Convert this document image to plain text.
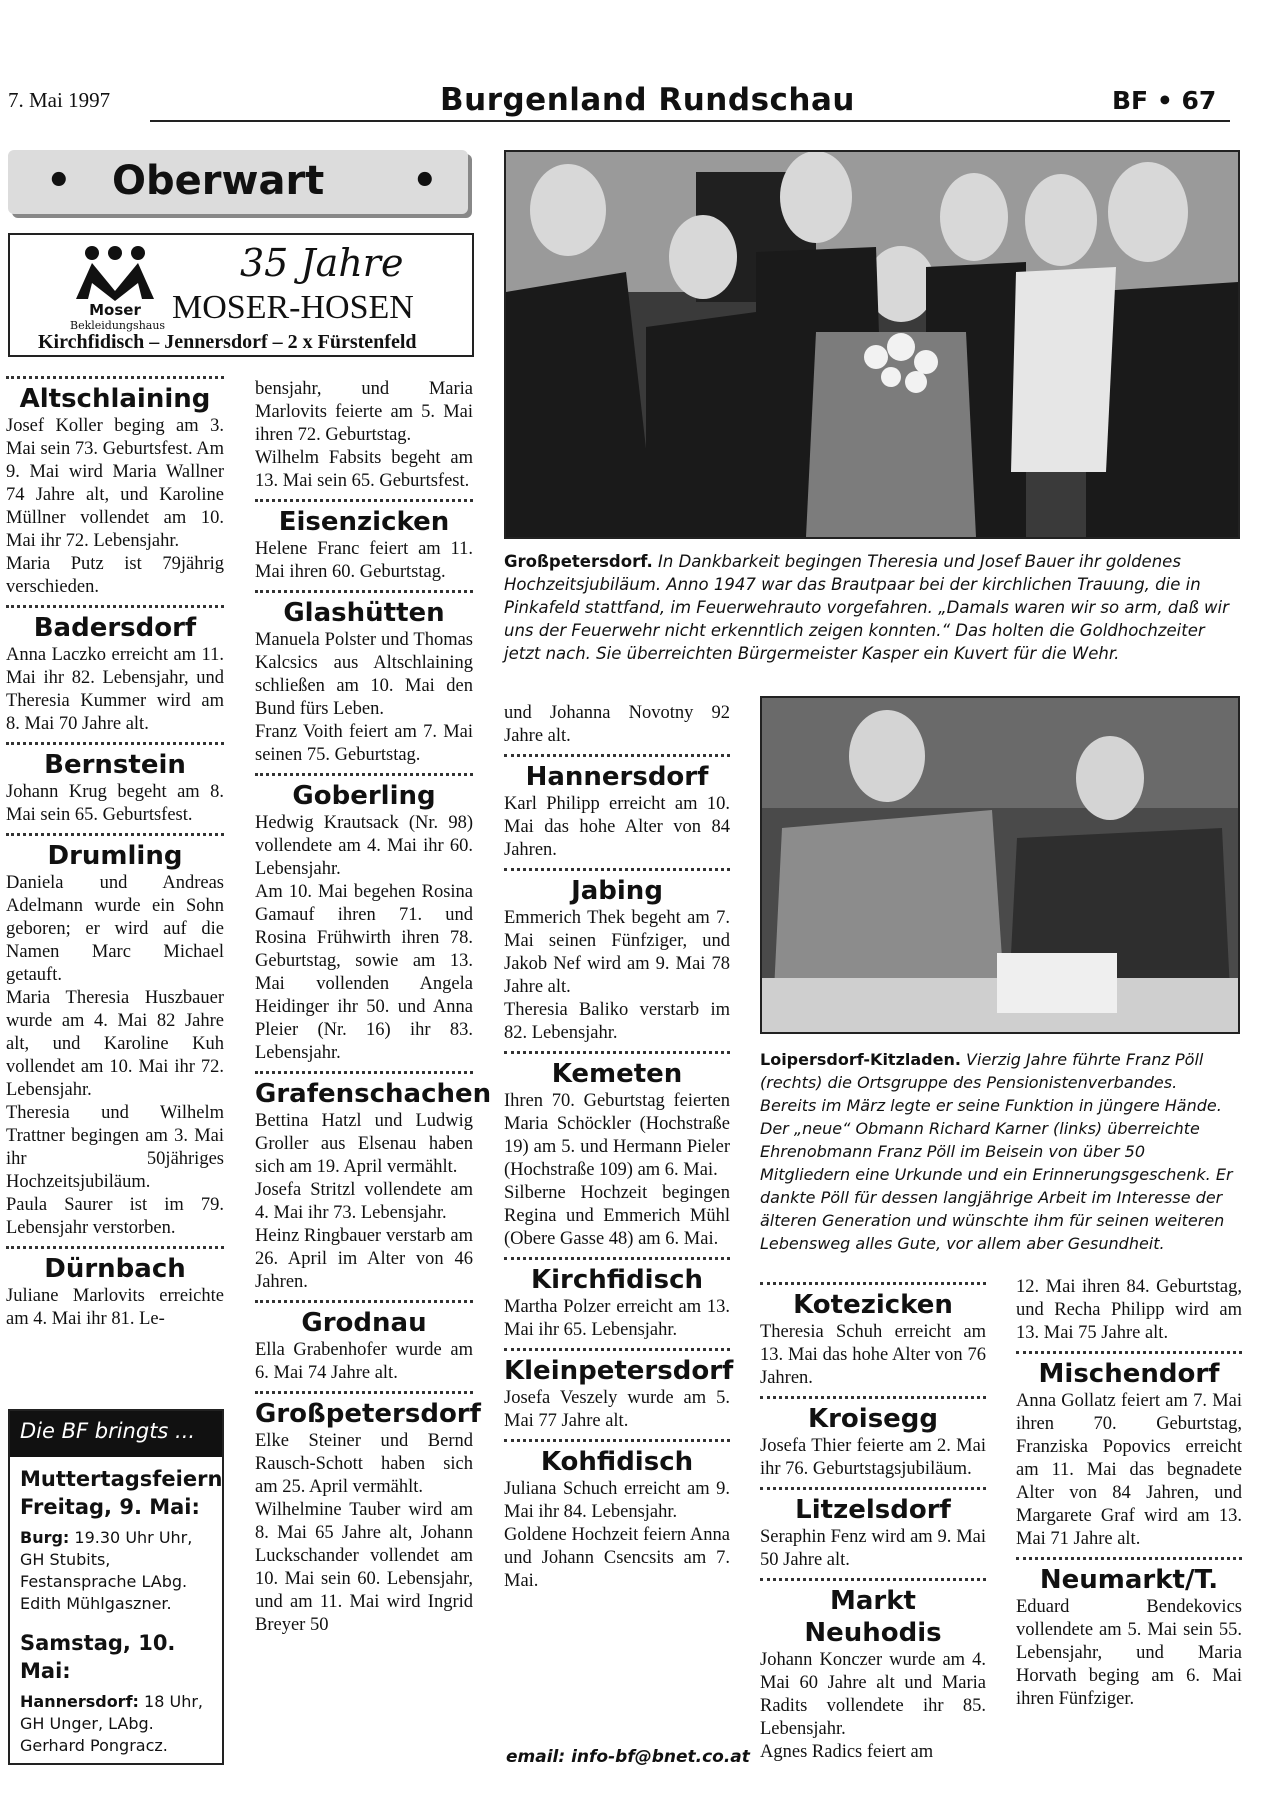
7. Mai 1997	Burgenland Rundschau	BF • 67
• Oberwart •
Moser
Bekleidungshaus
35 Jahre
MOSER-HOSEN
Kirchfidisch – Jennersdorf – 2 x Fürstenfeld
Altschlaining

Josef Koller beging am 3. Mai sein 73. Geburtsfest. Am 9. Mai wird Maria Wallner 74 Jahre alt, und Karoline Müllner vollendet am 10. Mai ihr 72. Lebensjahr.

Maria Putz ist 79jährig verschieden.

Badersdorf

Anna Laczko erreicht am 11. Mai ihr 82. Lebensjahr, und Theresia Kummer wird am 8. Mai 70 Jahre alt.

Bernstein

Johann Krug begeht am 8. Mai sein 65. Geburtsfest.

Drumling

Daniela und Andreas Adelmann wurde ein Sohn geboren; er wird auf die Namen Marc Michael getauft.

Maria Theresia Huszbauer wurde am 4. Mai 82 Jahre alt, und Karoline Kuh vollendet am 10. Mai ihr 72. Lebensjahr.

Theresia und Wilhelm Trattner begingen am 3. Mai ihr 50jähriges Hochzeitsjubiläum.

Paula Saurer ist im 79. Lebensjahr verstorben.

Dürnbach

Juliane Marlovits erreichte am 4. Mai ihr 81. Le-

bensjahr, und Maria Marlovits feierte am 5. Mai ihren 72. Geburtstag.

Wilhelm Fabsits begeht am 13. Mai sein 65. Geburtsfest.

Eisenzicken

Helene Franc feiert am 11. Mai ihren 60. Geburtstag.

Glashütten

Manuela Polster und Thomas Kalcsics aus Altschlaining schließen am 10. Mai den Bund fürs Leben.

Franz Voith feiert am 7. Mai seinen 75. Geburtstag.

Goberling

Hedwig Krautsack (Nr. 98) vollendete am 4. Mai ihr 60. Lebensjahr.

Am 10. Mai begehen Rosina Gamauf ihren 71. und Rosina Frühwirth ihren 78. Geburtstag, sowie am 13. Mai vollenden Angela Heidinger ihr 50. und Anna Pleier (Nr. 16) ihr 83. Lebensjahr.

Grafenschachen

Bettina Hatzl und Ludwig Groller aus Elsenau haben sich am 19. April vermählt.

Josefa Stritzl vollendete am 4. Mai ihr 73. Lebensjahr.

Heinz Ringbauer verstarb am 26. April im Alter von 46 Jahren.

Grodnau

Ella Grabenhofer wurde am 6. Mai 74 Jahre alt.

Großpetersdorf

Elke Steiner und Bernd Rausch-Schott haben sich am 25. April vermählt.

Wilhelmine Tauber wird am 8. Mai 65 Jahre alt, Johann Luckschander vollendet am 10. Mai sein 60. Lebensjahr, und am 11. Mai wird Ingrid Breyer 50

und Johanna Novotny 92 Jahre alt.

Hannersdorf

Karl Philipp erreicht am 10. Mai das hohe Alter von 84 Jahren.

Jabing

Emmerich Thek begeht am 7. Mai seinen Fünfziger, und Jakob Nef wird am 9. Mai 78 Jahre alt.

Theresia Baliko verstarb im 82. Lebensjahr.

Kemeten

Ihren 70. Geburtstag feierten Maria Schöckler (Hochstraße 19) am 5. und Hermann Pieler (Hochstraße 109) am 6. Mai.

Silberne Hochzeit begingen Regina und Emmerich Mühl (Obere Gasse 48) am 6. Mai.

Kirchfidisch

Martha Polzer erreicht am 13. Mai ihr 65. Lebensjahr.

Kleinpetersdorf

Josefa Veszely wurde am 5. Mai 77 Jahre alt.

Kohfidisch

Juliana Schuch erreicht am 9. Mai ihr 84. Lebensjahr.

Goldene Hochzeit feiern Anna und Johann Csencsits am 7. Mai.

Kotezicken

Theresia Schuh erreicht am 13. Mai das hohe Alter von 76 Jahren.

Kroisegg

Josefa Thier feierte am 2. Mai ihr 76. Geburtstagsjubiläum.

Litzelsdorf

Seraphin Fenz wird am 9. Mai 50 Jahre alt.

Markt Neuhodis

Johann Konczer wurde am 4. Mai 60 Jahre alt und Maria Radits vollendete ihr 85. Lebensjahr.

Agnes Radics feiert am

12. Mai ihren 84. Geburtstag, und Recha Philipp wird am 13. Mai 75 Jahre alt.

Mischendorf

Anna Gollatz feiert am 7. Mai ihren 70. Geburtstag, Franziska Popovics erreicht am 11. Mai das begnadete Alter von 84 Jahren, und Margarete Graf wird am 13. Mai 71 Jahre alt.

Neumarkt/T.

Eduard Bendekovics vollendete am 5. Mai sein 55. Lebensjahr, und Maria Horvath beging am 6. Mai ihren Fünfziger.

Großpetersdorf. In Dankbarkeit begingen Theresia und Josef Bauer ihr goldenes Hochzeitsjubiläum. Anno 1947 war das Brautpaar bei der kirchlichen Trauung, die in Pinkafeld stattfand, im Feuerwehrauto vorgefahren. „Damals waren wir so arm, daß wir uns der Feuerwehr nicht erkenntlich zeigen konnten.“ Das holten die Goldhochzeiter jetzt nach. Sie überreichten Bürgermeister Kasper ein Kuvert für die Wehr.
Loipersdorf-Kitzladen. Vierzig Jahre führte Franz Pöll (rechts) die Ortsgruppe des Pensionistenverbandes. Bereits im März legte er seine Funktion in jüngere Hände. Der „neue“ Obmann Richard Karner (links) überreichte Ehrenobmann Franz Pöll im Beisein von über 50 Mitgliedern eine Urkunde und ein Erinnerungsgeschenk. Er dankte Pöll für dessen langjährige Arbeit im Interesse der älteren Generation und wünschte ihm für seinen weiteren Lebensweg alles Gute, vor allem aber Gesundheit.
Die BF bringts ...
Muttertagsfeiern Freitag, 9. Mai:
Burg: 19.30 Uhr Uhr, GH Stubits, Festansprache LAbg. Edith Mühlgaszner.
Samstag, 10. Mai:
Hannersdorf: 18 Uhr, GH Unger, LAbg. Gerhard Pongracz.
email: info-bf@bnet.co.at
